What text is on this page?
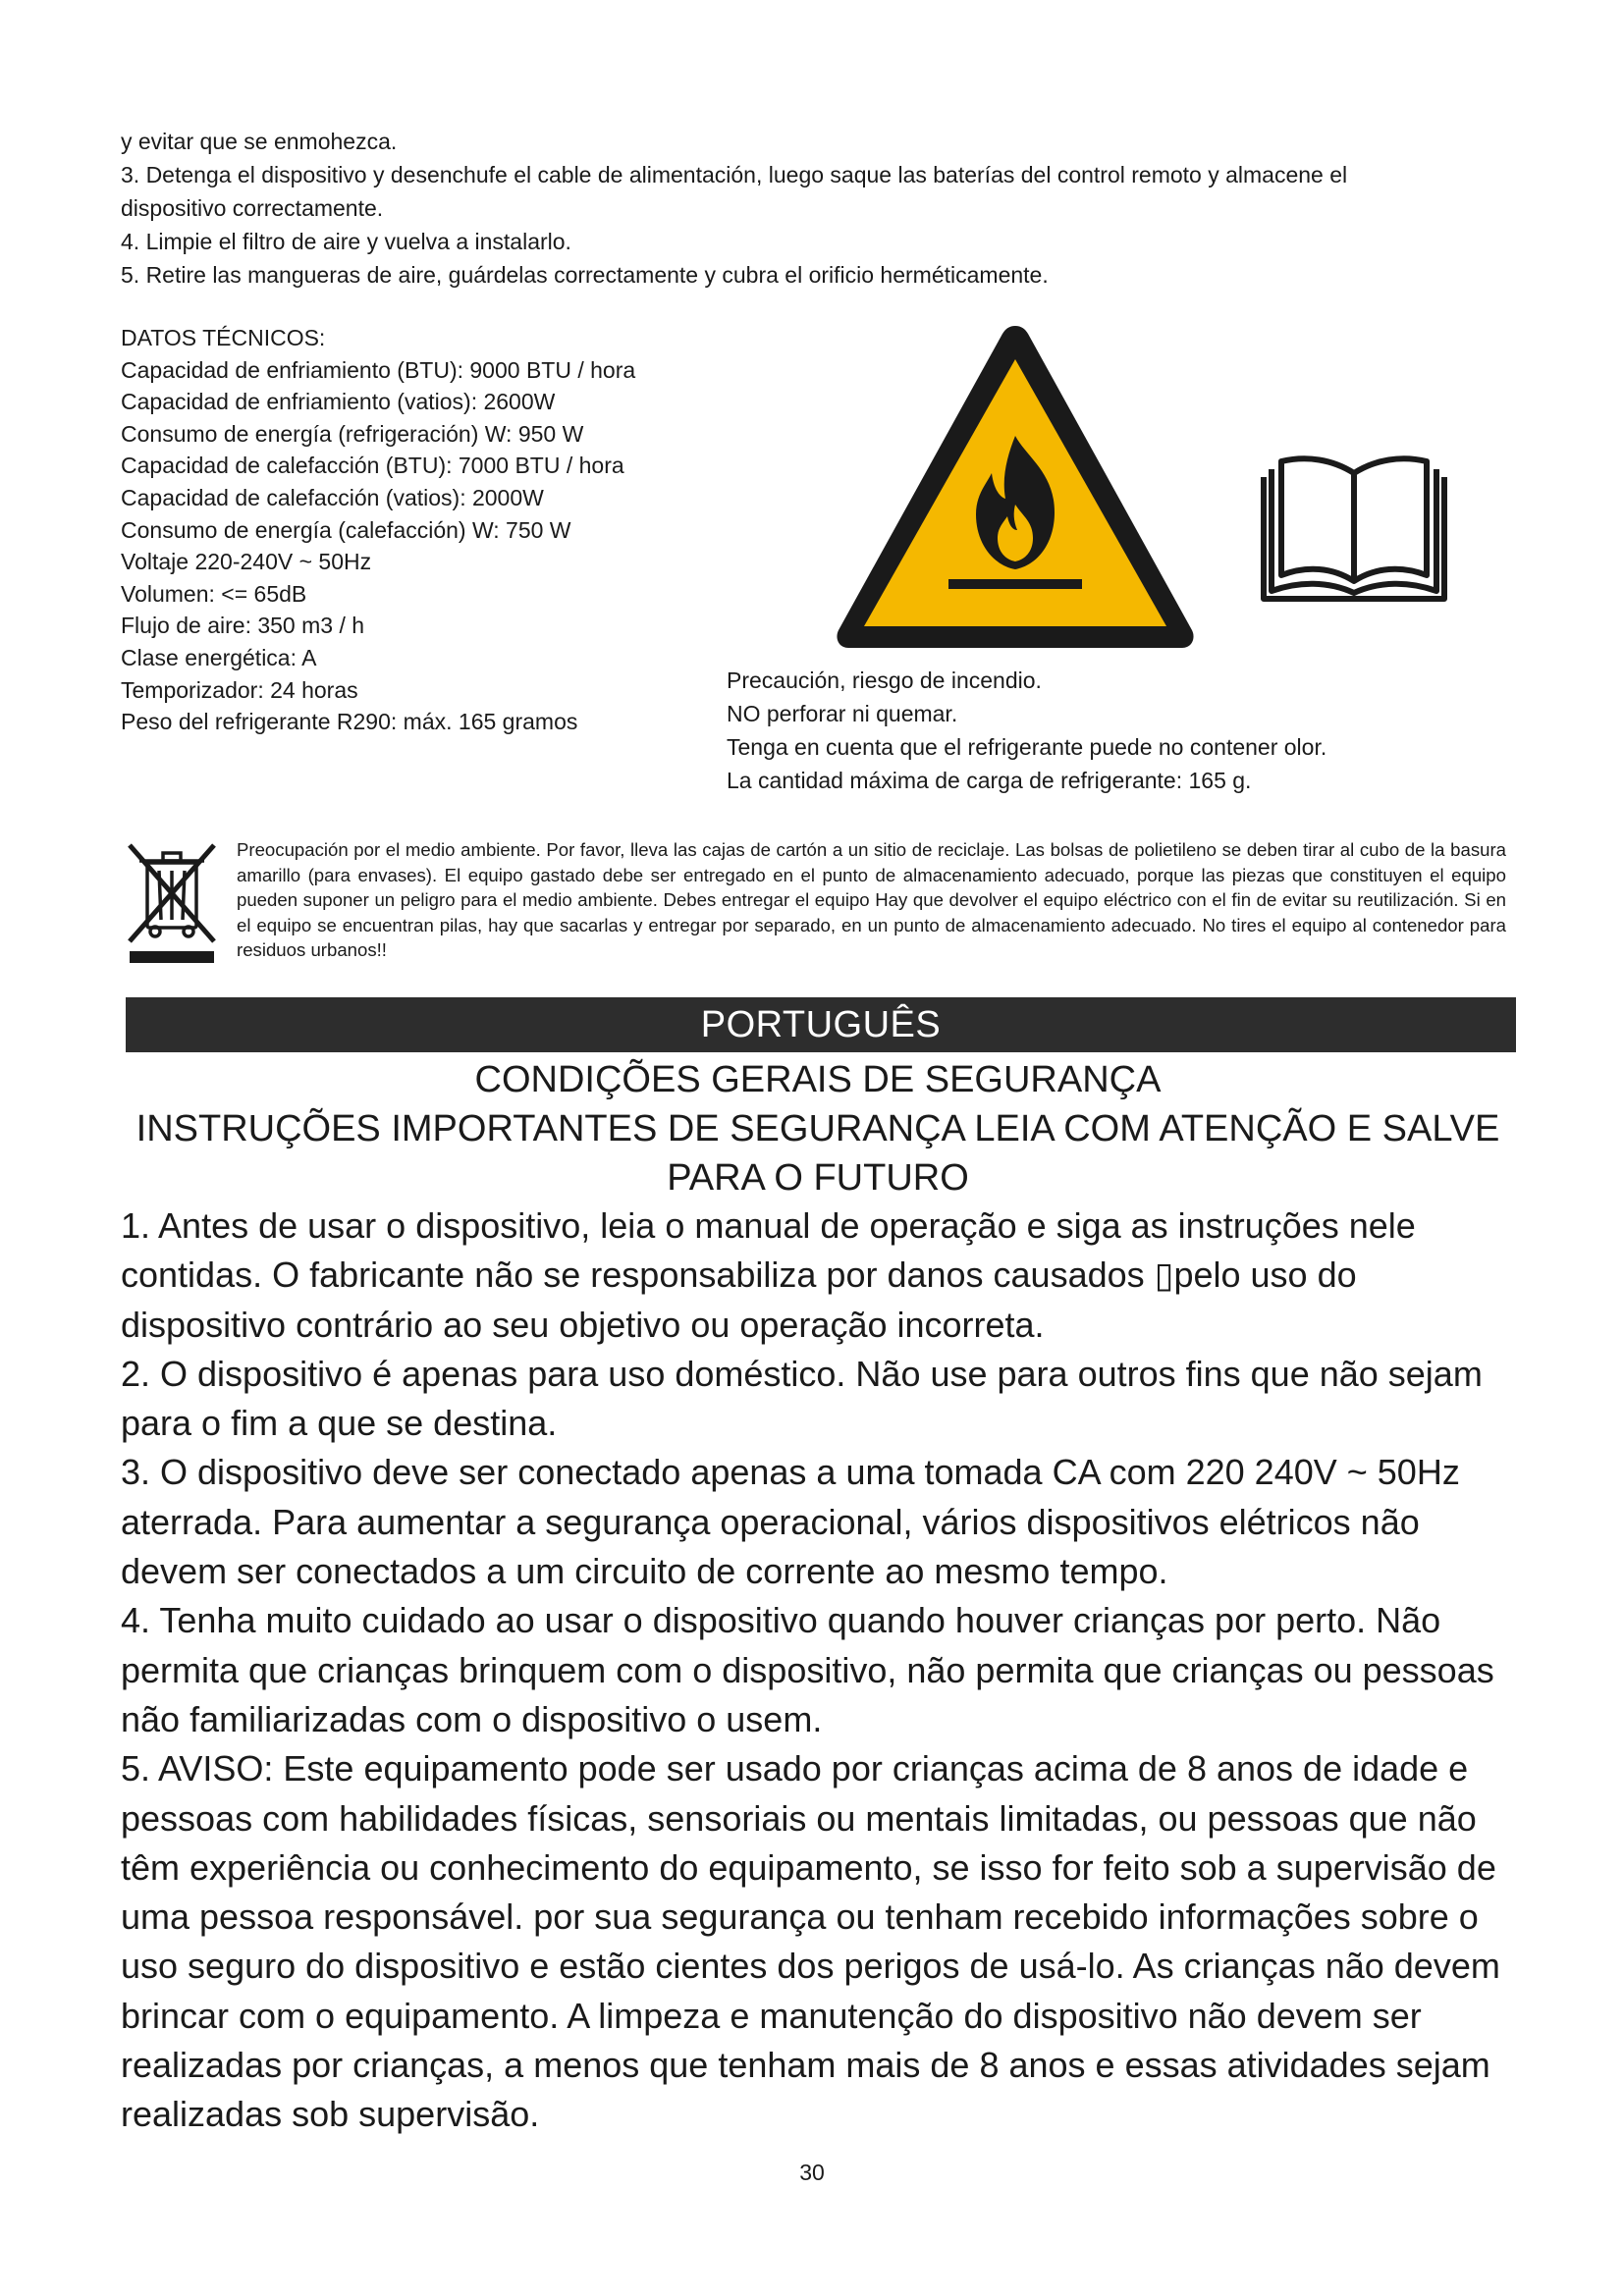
y evitar que se enmohezca.
3. Detenga el dispositivo y desenchufe el cable de alimentación, luego saque las baterías del control remoto y almacene el
dispositivo correctamente.
4. Limpie el filtro de aire y vuelva a instalarlo.
5. Retire las mangueras de aire, guárdelas correctamente y cubra el orificio herméticamente.
DATOS TÉCNICOS:
Capacidad de enfriamiento (BTU): 9000 BTU / hora
Capacidad de enfriamiento (vatios): 2600W
Consumo de energía (refrigeración) W: 950 W
Capacidad de calefacción (BTU): 7000 BTU / hora
Capacidad de calefacción (vatios): 2000W
Consumo de energía (calefacción) W: 750 W
Voltaje 220-240V ~ 50Hz
Volumen: <= 65dB
Flujo de aire: 350 m3 / h
Clase energética: A
Temporizador: 24 horas
Peso del refrigerante R290: máx. 165 gramos
Precaución, riesgo de incendio.
NO perforar ni quemar.
Tenga en cuenta que el refrigerante puede no contener olor.
La cantidad máxima de carga de refrigerante: 165 g.
Preocupación por el medio ambiente. Por favor, lleva las cajas de cartón a un sitio de reciclaje. Las bolsas de polietileno se deben tirar al cubo de la basura amarillo (para envases). El equipo gastado debe ser entregado en el punto de almacenamiento adecuado, porque las piezas que constituyen el equipo pueden suponer un peligro para el medio ambiente. Debes entregar el equipo Hay que devolver el equipo eléctrico con el fin de evitar su reutilización. Si en el equipo se encuentran pilas, hay que sacarlas y entregar por separado, en un punto de almacenamiento adecuado. No tires el equipo al contenedor para residuos urbanos!!
PORTUGUÊS
CONDIÇÕES GERAIS DE SEGURANÇA
INSTRUÇÕES IMPORTANTES DE SEGURANÇA LEIA COM ATENÇÃO E SALVE
PARA O FUTURO
1. Antes de usar o dispositivo, leia o manual de operação e siga as instruções nele
contidas. O fabricante não se responsabiliza por danos causados ▯pelo uso do
dispositivo contrário ao seu objetivo ou operação incorreta.
2. O dispositivo é apenas para uso doméstico. Não use para outros fins que não sejam
para o fim a que se destina.
3. O dispositivo deve ser conectado apenas a uma tomada CA com 220 240V ~ 50Hz
aterrada. Para aumentar a segurança operacional, vários dispositivos elétricos não
devem ser conectados a um circuito de corrente ao mesmo tempo.
4. Tenha muito cuidado ao usar o dispositivo quando houver crianças por perto. Não
permita que crianças brinquem com o dispositivo, não permita que crianças ou pessoas
não familiarizadas com o dispositivo o usem.
5. AVISO: Este equipamento pode ser usado por crianças acima de 8 anos de idade e
pessoas com habilidades físicas, sensoriais ou mentais limitadas, ou pessoas que não
têm experiência ou conhecimento do equipamento, se isso for feito sob a supervisão de
uma pessoa responsável. por sua segurança ou tenham recebido informações sobre o
uso seguro do dispositivo e estão cientes dos perigos de usá-lo. As crianças não devem
brincar com o equipamento. A limpeza e manutenção do dispositivo não devem ser
realizadas por crianças, a menos que tenham mais de 8 anos e essas atividades sejam
realizadas sob supervisão.
30
